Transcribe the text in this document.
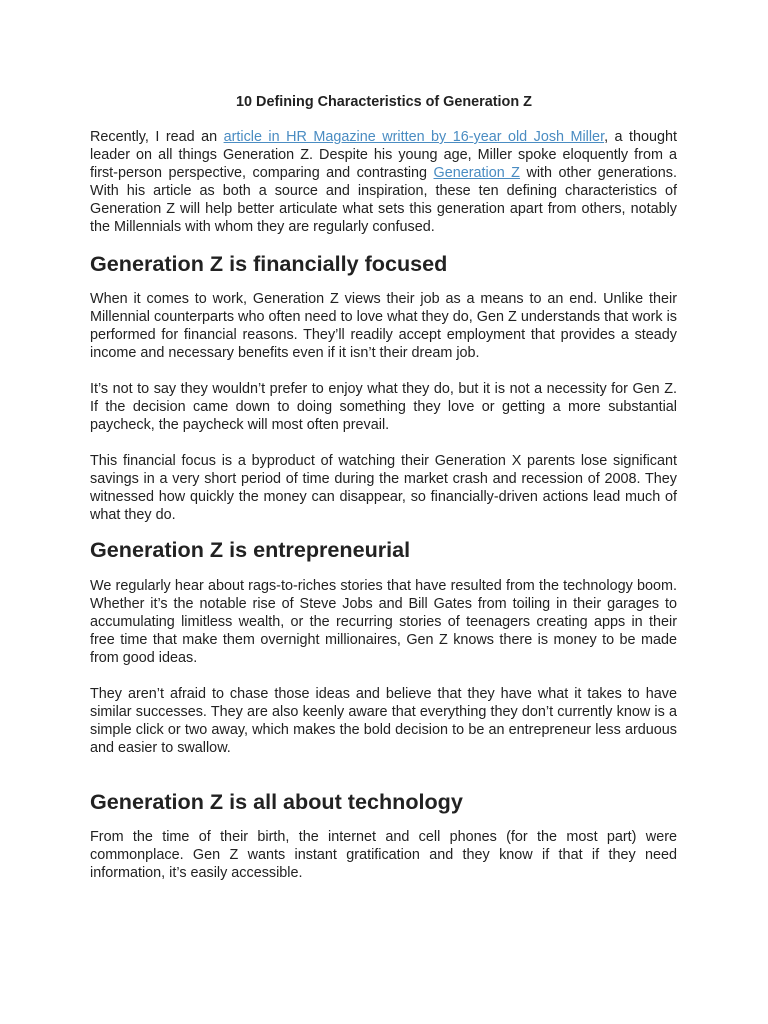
10 Defining Characteristics of Generation Z

Recently, I read an article in HR Magazine written by 16-year old Josh Miller, a thought leader on all things Generation Z. Despite his young age, Miller spoke eloquently from a first-person perspective, comparing and contrasting Generation Z with other generations. With his article as both a source and inspiration, these ten defining characteristics of Generation Z will help better articulate what sets this generation apart from others, notably the Millennials with whom they are regularly confused.

Generation Z is financially focused

When it comes to work, Generation Z views their job as a means to an end. Unlike their Millennial counterparts who often need to love what they do, Gen Z understands that work is performed for financial reasons. They’ll readily accept employment that provides a steady income and necessary benefits even if it isn’t their dream job.

It’s not to say they wouldn’t prefer to enjoy what they do, but it is not a necessity for Gen Z. If the decision came down to doing something they love or getting a more substantial paycheck, the paycheck will most often prevail.

This financial focus is a byproduct of watching their Generation X parents lose significant savings in a very short period of time during the market crash and recession of 2008. They witnessed how quickly the money can disappear, so financially-driven actions lead much of what they do.

Generation Z is entrepreneurial

We regularly hear about rags-to-riches stories that have resulted from the technology boom. Whether it’s the notable rise of Steve Jobs and Bill Gates from toiling in their garages to accumulating limitless wealth, or the recurring stories of teenagers creating apps in their free time that make them overnight millionaires, Gen Z knows there is money to be made from good ideas.

They aren’t afraid to chase those ideas and believe that they have what it takes to have similar successes. They are also keenly aware that everything they don’t currently know is a simple click or two away, which makes the bold decision to be an entrepreneur less arduous and easier to swallow.

Generation Z is all about technology

From the time of their birth, the internet and cell phones (for the most part) were commonplace. Gen Z wants instant gratification and they know if that if they need information, it’s easily accessible.
